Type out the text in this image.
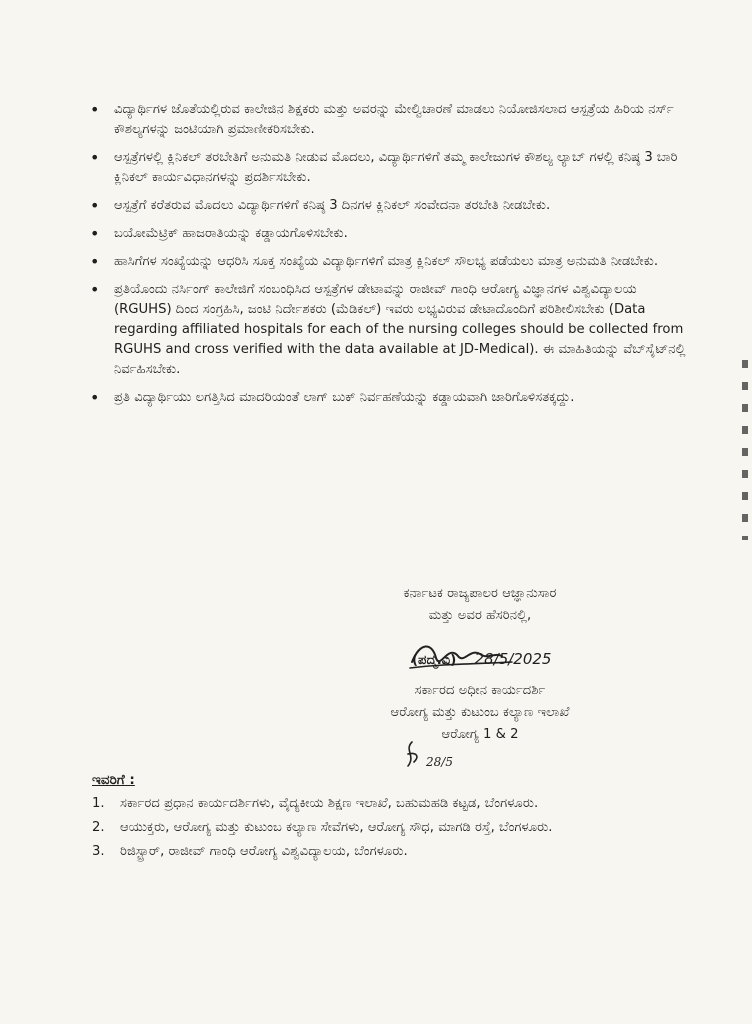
• ವಿದ್ಯಾರ್ಥಿಗಳ ಜೊತೆಯಲ್ಲಿರುವ ಕಾಲೇಜಿನ ಶಿಕ್ಷಕರು ಮತ್ತು ಅವರನ್ನು ಮೇಲ್ವಿಚಾರಣೆ ಮಾಡಲು ನಿಯೋಜಿಸಲಾದ ಆಸ್ಪತ್ರೆಯ ಹಿರಿಯ ನರ್ಸ್ ಕೌಶಲ್ಯಗಳನ್ನು ಜಂಟಿಯಾಗಿ ಪ್ರಮಾಣೀಕರಿಸಬೇಕು.
• ಆಸ್ಪತ್ರೆಗಳಲ್ಲಿ ಕ್ಲಿನಿಕಲ್ ತರಬೇತಿಗೆ ಅನುಮತಿ ನೀಡುವ ಮೊದಲು, ವಿದ್ಯಾರ್ಥಿಗಳಿಗೆ ತಮ್ಮ ಕಾಲೇಜುಗಳ ಕೌಶಲ್ಯ ಲ್ಯಾಬ್ ಗಳಲ್ಲಿ ಕನಿಷ್ಠ 3 ಬಾರಿ ಕ್ಲಿನಿಕಲ್ ಕಾರ್ಯವಿಧಾನಗಳನ್ನು ಪ್ರದರ್ಶಿಸಬೇಕು.
• ಆಸ್ಪತ್ರೆಗೆ ಕರೆತರುವ ಮೊದಲು ವಿದ್ಯಾರ್ಥಿಗಳಿಗೆ ಕನಿಷ್ಠ 3 ದಿನಗಳ ಕ್ಲಿನಿಕಲ್ ಸಂವೇದನಾ ತರಬೇತಿ ನೀಡಬೇಕು.
• ಬಯೋಮೆಟ್ರಿಕ್ ಹಾಜರಾತಿಯನ್ನು ಕಡ್ಡಾಯಗೊಳಿಸಬೇಕು.
• ಹಾಸಿಗೆಗಳ ಸಂಖ್ಯೆಯನ್ನು ಆಧರಿಸಿ ಸೂಕ್ತ ಸಂಖ್ಯೆಯ ವಿದ್ಯಾರ್ಥಿಗಳಿಗೆ ಮಾತ್ರ ಕ್ಲಿನಿಕಲ್ ಸೌಲಭ್ಯ ಪಡೆಯಲು ಮಾತ್ರ ಅನುಮತಿ ನೀಡಬೇಕು.
• ಪ್ರತಿಯೊಂದು ನರ್ಸಿಂಗ್ ಕಾಲೇಜಿಗೆ ಸಂಬಂಧಿಸಿದ ಆಸ್ಪತ್ರೆಗಳ ಡೇಟಾವನ್ನು ರಾಜೀವ್ ಗಾಂಧಿ ಆರೋಗ್ಯ ವಿಜ್ಞಾನಗಳ ವಿಶ್ವವಿದ್ಯಾಲಯ (RGUHS) ದಿಂದ ಸಂಗ್ರಹಿಸಿ, ಜಂಟಿ ನಿರ್ದೇಶಕರು (ಮೆಡಿಕಲ್) ಇವರು ಲಭ್ಯವಿರುವ ಡೇಟಾದೊಂದಿಗೆ ಪರಿಶೀಲಿಸಬೇಕು (Data regarding affiliated hospitals for each of the nursing colleges should be collected from RGUHS and cross verified with the data available at JD-Medical). ಈ ಮಾಹಿತಿಯನ್ನು ವೆಬ್‌ಸೈಟ್‌ನಲ್ಲಿ ನಿರ್ವಹಿಸಬೇಕು.
• ಪ್ರತಿ ವಿದ್ಯಾರ್ಥಿಯು ಲಗತ್ತಿಸಿದ ಮಾದರಿಯಂತೆ ಲಾಗ್ ಬುಕ್ ನಿರ್ವಹಣೆಯನ್ನು ಕಡ್ಡಾಯವಾಗಿ ಜಾರಿಗೊಳಿಸತಕ್ಕದ್ದು.
ಕರ್ನಾಟಕ ರಾಜ್ಯಪಾಲರ ಆಜ್ಞಾನುಸಾರ
ಮತ್ತು ಅವರ ಹೆಸರಿನಲ್ಲಿ,
(ಪದ್ಮ.ವಿ) 28/5/2025
ಸರ್ಕಾರದ ಅಧೀನ ಕಾರ್ಯದರ್ಶಿ
ಆರೋಗ್ಯ ಮತ್ತು ಕುಟುಂಬ ಕಲ್ಯಾಣ ಇಲಾಖೆ
ಆರೋಗ್ಯ 1 & 2
28/5
ಇವರಿಗೆ :
1.	ಸರ್ಕಾರದ ಪ್ರಧಾನ ಕಾರ್ಯದರ್ಶಿಗಳು, ವೈದ್ಯಕೀಯ ಶಿಕ್ಷಣ ಇಲಾಖೆ, ಬಹುಮಹಡಿ ಕಟ್ಟಡ, ಬೆಂಗಳೂರು.
2.	ಆಯುಕ್ತರು, ಆರೋಗ್ಯ ಮತ್ತು ಕುಟುಂಬ ಕಲ್ಯಾಣ ಸೇವೆಗಳು, ಆರೋಗ್ಯ ಸೌಧ, ಮಾಗಡಿ ರಸ್ತೆ, ಬೆಂಗಳೂರು.
3.	ರಿಜಿಸ್ಟ್ರಾರ್, ರಾಜೀವ್ ಗಾಂಧಿ ಆರೋಗ್ಯ ವಿಶ್ವವಿದ್ಯಾಲಯ, ಬೆಂಗಳೂರು.
